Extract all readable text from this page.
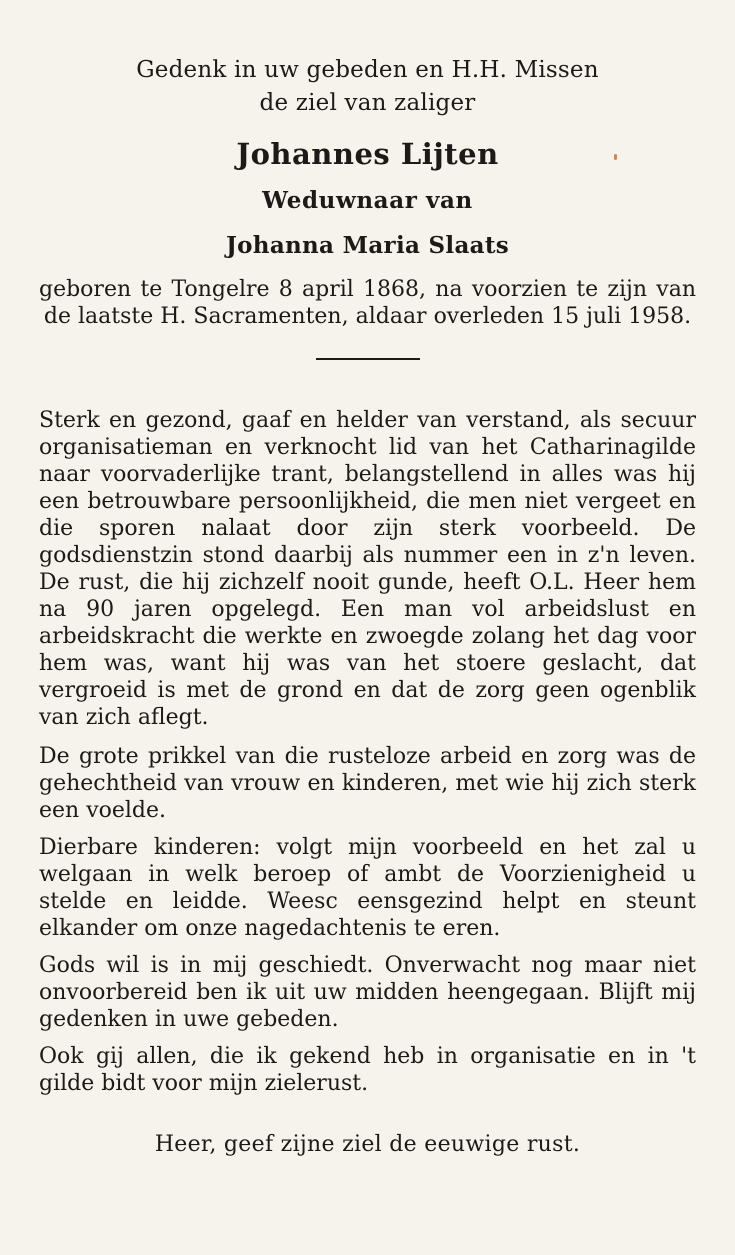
Gedenk in uw gebeden en H.H. Missen
de ziel van zaliger
Johannes Lijten
Weduwnaar van
Johanna Maria Slaats
geboren te Tongelre 8 april 1868, na voorzien te zijn van de laatste H. Sacramenten, aldaar overleden 15 juli 1958.

Sterk en gezond, gaaf en helder van verstand, als secuur organisatieman en verknocht lid van het Catharinagilde naar voorvaderlijke trant, belangstellend in alles was hij een betrouwbare persoonlijkheid, die men niet vergeet en die sporen nalaat door zijn sterk voorbeeld. De godsdienstzin stond daarbij als nummer een in z'n leven. De rust, die hij zichzelf nooit gunde, heeft O.L. Heer hem na 90 jaren opgelegd. Een man vol arbeidslust en arbeidskracht die werkte en zwoegde zolang het dag voor hem was, want hij was van het stoere geslacht, dat vergroeid is met de grond en dat de zorg geen ogenblik van zich aflegt.

De grote prikkel van die rusteloze arbeid en zorg was de gehechtheid van vrouw en kinderen, met wie hij zich sterk een voelde.

Dierbare kinderen: volgt mijn voorbeeld en het zal u welgaan in welk beroep of ambt de Voorzienigheid u stelde en leidde. Weesc eensgezind helpt en steunt elkander om onze nagedachtenis te eren.

Gods wil is in mij geschiedt. Onverwacht nog maar niet onvoorbereid ben ik uit uw midden heengegaan. Blijft mij gedenken in uwe gebeden.

Ook gij allen, die ik gekend heb in organisatie en in 't gilde bidt voor mijn zielerust.

Heer, geef zijne ziel de eeuwige rust.
